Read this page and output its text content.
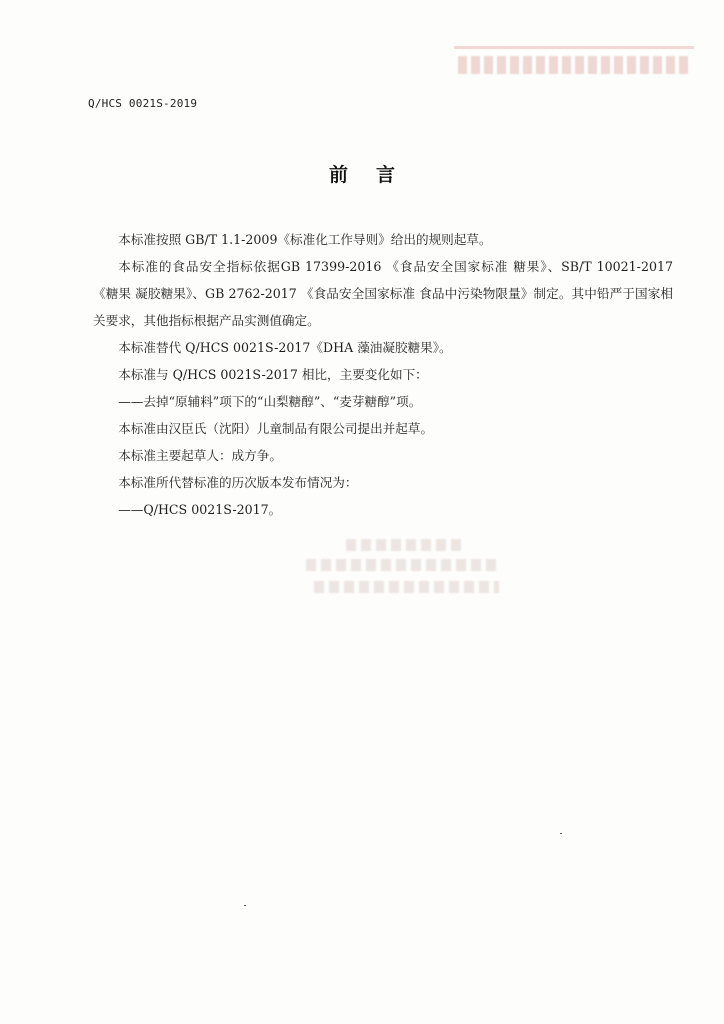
Q/HCS 0021S-2019
前言

本标准按照 GB/T 1.1-2009《标准化工作导则》给出的规则起草。

本标准的食品安全指标依据GB 17399-2016 《食品安全国家标准 糖果》、SB/T 10021-2017 《糖果 凝胶糖果》、GB 2762-2017 《食品安全国家标准 食品中污染物限量》制定。其中铅严于国家相关要求，其他指标根据产品实测值确定。

本标准替代 Q/HCS 0021S-2017《DHA 藻油凝胶糖果》。

本标准与 Q/HCS 0021S-2017 相比，主要变化如下：

——去掉“原辅料”项下的“山梨糖醇”、“麦芽糖醇”项。

本标准由汉臣氏（沈阳）儿童制品有限公司提出并起草。

本标准主要起草人：成方争。

本标准所代替标准的历次版本发布情况为：

——Q/HCS 0021S-2017。
